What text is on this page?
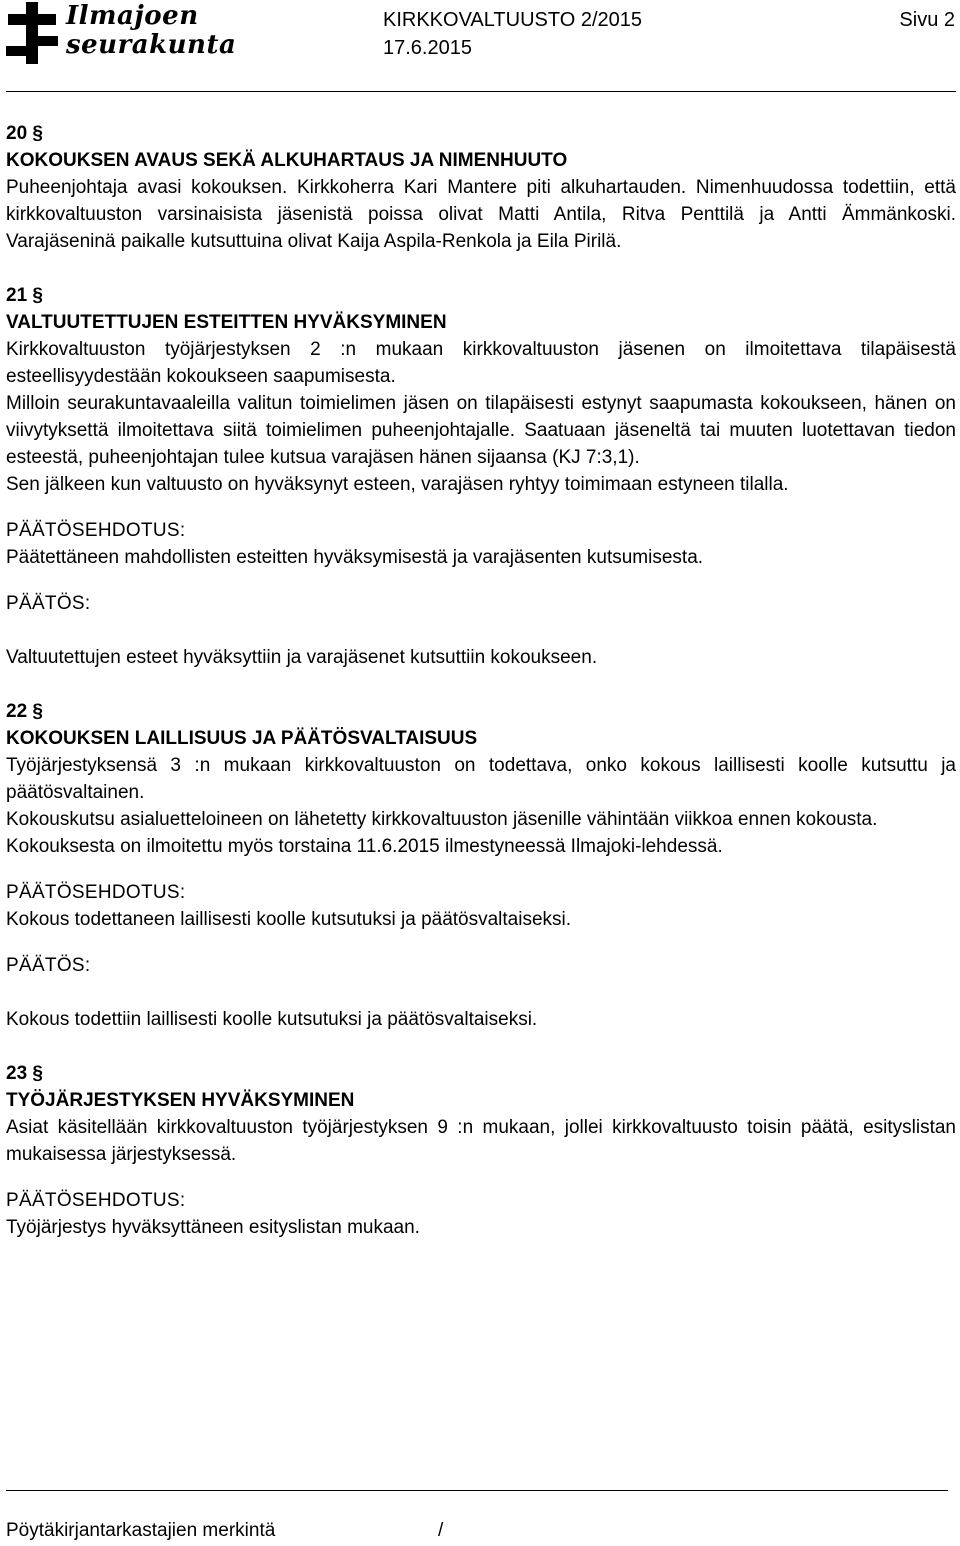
Ilmajoen
seurakunta
KIRKKOVALTUUSTO 2/2015	Sivu 2
17.6.2015

20 §

KOKOUKSEN AVAUS SEKÄ ALKUHARTAUS JA NIMENHUUTO

Puheenjohtaja avasi kokouksen. Kirkkoherra Kari Mantere piti alkuhartauden. Nimenhuudossa todettiin, että kirkkovaltuuston varsinaisista jäsenistä poissa olivat Matti Antila, Ritva Penttilä ja Antti Ämmänkoski. Varajäseninä paikalle kutsuttuina olivat Kaija Aspila-Renkola ja Eila Pirilä.

21 §

VALTUUTETTUJEN ESTEITTEN HYVÄKSYMINEN

Kirkkovaltuuston työjärjestyksen 2 :n mukaan kirkkovaltuuston jäsenen on ilmoitettava tilapäisestä esteellisyydestään kokoukseen saapumisesta.

Milloin seurakuntavaaleilla valitun toimielimen jäsen on tilapäisesti estynyt saapumasta kokoukseen, hänen on viivytyksettä ilmoitettava siitä toimielimen puheenjohtajalle. Saatuaan jäseneltä tai muuten luotettavan tiedon esteestä, puheenjohtajan tulee kutsua varajäsen hänen sijaansa (KJ 7:3,1).

Sen jälkeen kun valtuusto on hyväksynyt esteen, varajäsen ryhtyy toimimaan estyneen tilalla.

PÄÄTÖSEHDOTUS:

Päätettäneen mahdollisten esteitten hyväksymisestä ja varajäsenten kutsumisesta.

PÄÄTÖS:

Valtuutettujen esteet hyväksyttiin ja varajäsenet kutsuttiin kokoukseen.

22 §

KOKOUKSEN LAILLISUUS JA PÄÄTÖSVALTAISUUS

Työjärjestyksensä 3 :n mukaan kirkkovaltuuston on todettava, onko kokous laillisesti koolle kutsuttu ja päätösvaltainen.

Kokouskutsu asialuetteloineen on lähetetty kirkkovaltuuston jäsenille vähintään viikkoa ennen kokousta.

Kokouksesta on ilmoitettu myös torstaina 11.6.2015 ilmestyneessä Ilmajoki-lehdessä.

PÄÄTÖSEHDOTUS:

Kokous todettaneen laillisesti koolle kutsutuksi ja päätösvaltaiseksi.

PÄÄTÖS:

Kokous todettiin laillisesti koolle kutsutuksi ja päätösvaltaiseksi.

23 §

TYÖJÄRJESTYKSEN HYVÄKSYMINEN

Asiat käsitellään kirkkovaltuuston työjärjestyksen 9 :n mukaan, jollei kirkkovaltuusto toisin päätä, esityslistan mukaisessa järjestyksessä.

PÄÄTÖSEHDOTUS:

Työjärjestys hyväksyttäneen esityslistan mukaan.

Pöytäkirjantarkastajien merkintä	/
